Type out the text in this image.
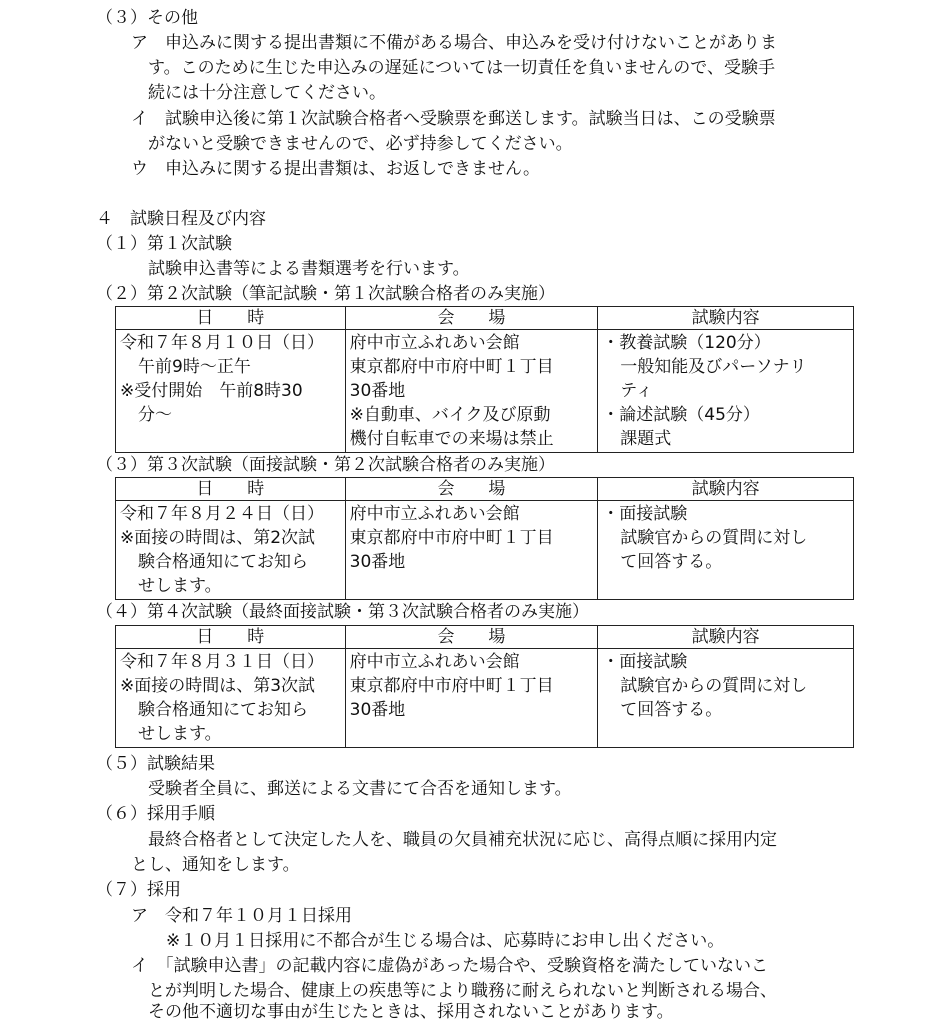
（３）その他
ア　申込みに関する提出書類に不備がある場合、申込みを受け付けないことがありま
す。このために生じた申込みの遅延については一切責任を負いませんので、受験手
続には十分注意してください。
イ　試験申込後に第１次試験合格者へ受験票を郵送します。試験当日は、この受験票
がないと受験できませんので、必ず持参してください。
ウ　申込みに関する提出書類は、お返しできません。
４　試験日程及び内容
（１）第１次試験
試験申込書等による書類選考を行います。
（２）第２次試験（筆記試験・第１次試験合格者のみ実施）
日　　時	会　　場	試験内容

令和７年８月１０日（日）
午前9時～正午
※受付開始　午前8時30
分～	府中市立ふれあい会館
東京都府中市府中町１丁目
30番地
※自動車、バイク及び原動
機付自転車での来場は禁止	・教養試験（120分）
一般知能及びパーソナリ
ティ
・論述試験（45分）
課題式
（３）第３次試験（面接試験・第２次試験合格者のみ実施）
日　　時	会　　場	試験内容

令和７年８月２４日（日）
※面接の時間は、第2次試
験合格通知にてお知ら
せします。	府中市立ふれあい会館
東京都府中市府中町１丁目
30番地	・面接試験
試験官からの質問に対し
て回答する。
（４）第４次試験（最終面接試験・第３次試験合格者のみ実施）
日　　時	会　　場	試験内容

令和７年８月３１日（日）
※面接の時間は、第3次試
験合格通知にてお知ら
せします。	府中市立ふれあい会館
東京都府中市府中町１丁目
30番地	・面接試験
試験官からの質問に対し
て回答する。
（５）試験結果
受験者全員に、郵送による文書にて合否を通知します。
（６）採用手順
最終合格者として決定した人を、職員の欠員補充状況に応じ、高得点順に採用内定
とし、通知をします。
（７）採用
ア　令和７年１０月１日採用
※１０月１日採用に不都合が生じる場合は、応募時にお申し出ください。
イ　「試験申込書」の記載内容に虚偽があった場合や、受験資格を満たしていないこ
とが判明した場合、健康上の疾患等により職務に耐えられないと判断される場合、
その他不適切な事由が生じたときは、採用されないことがあります。
